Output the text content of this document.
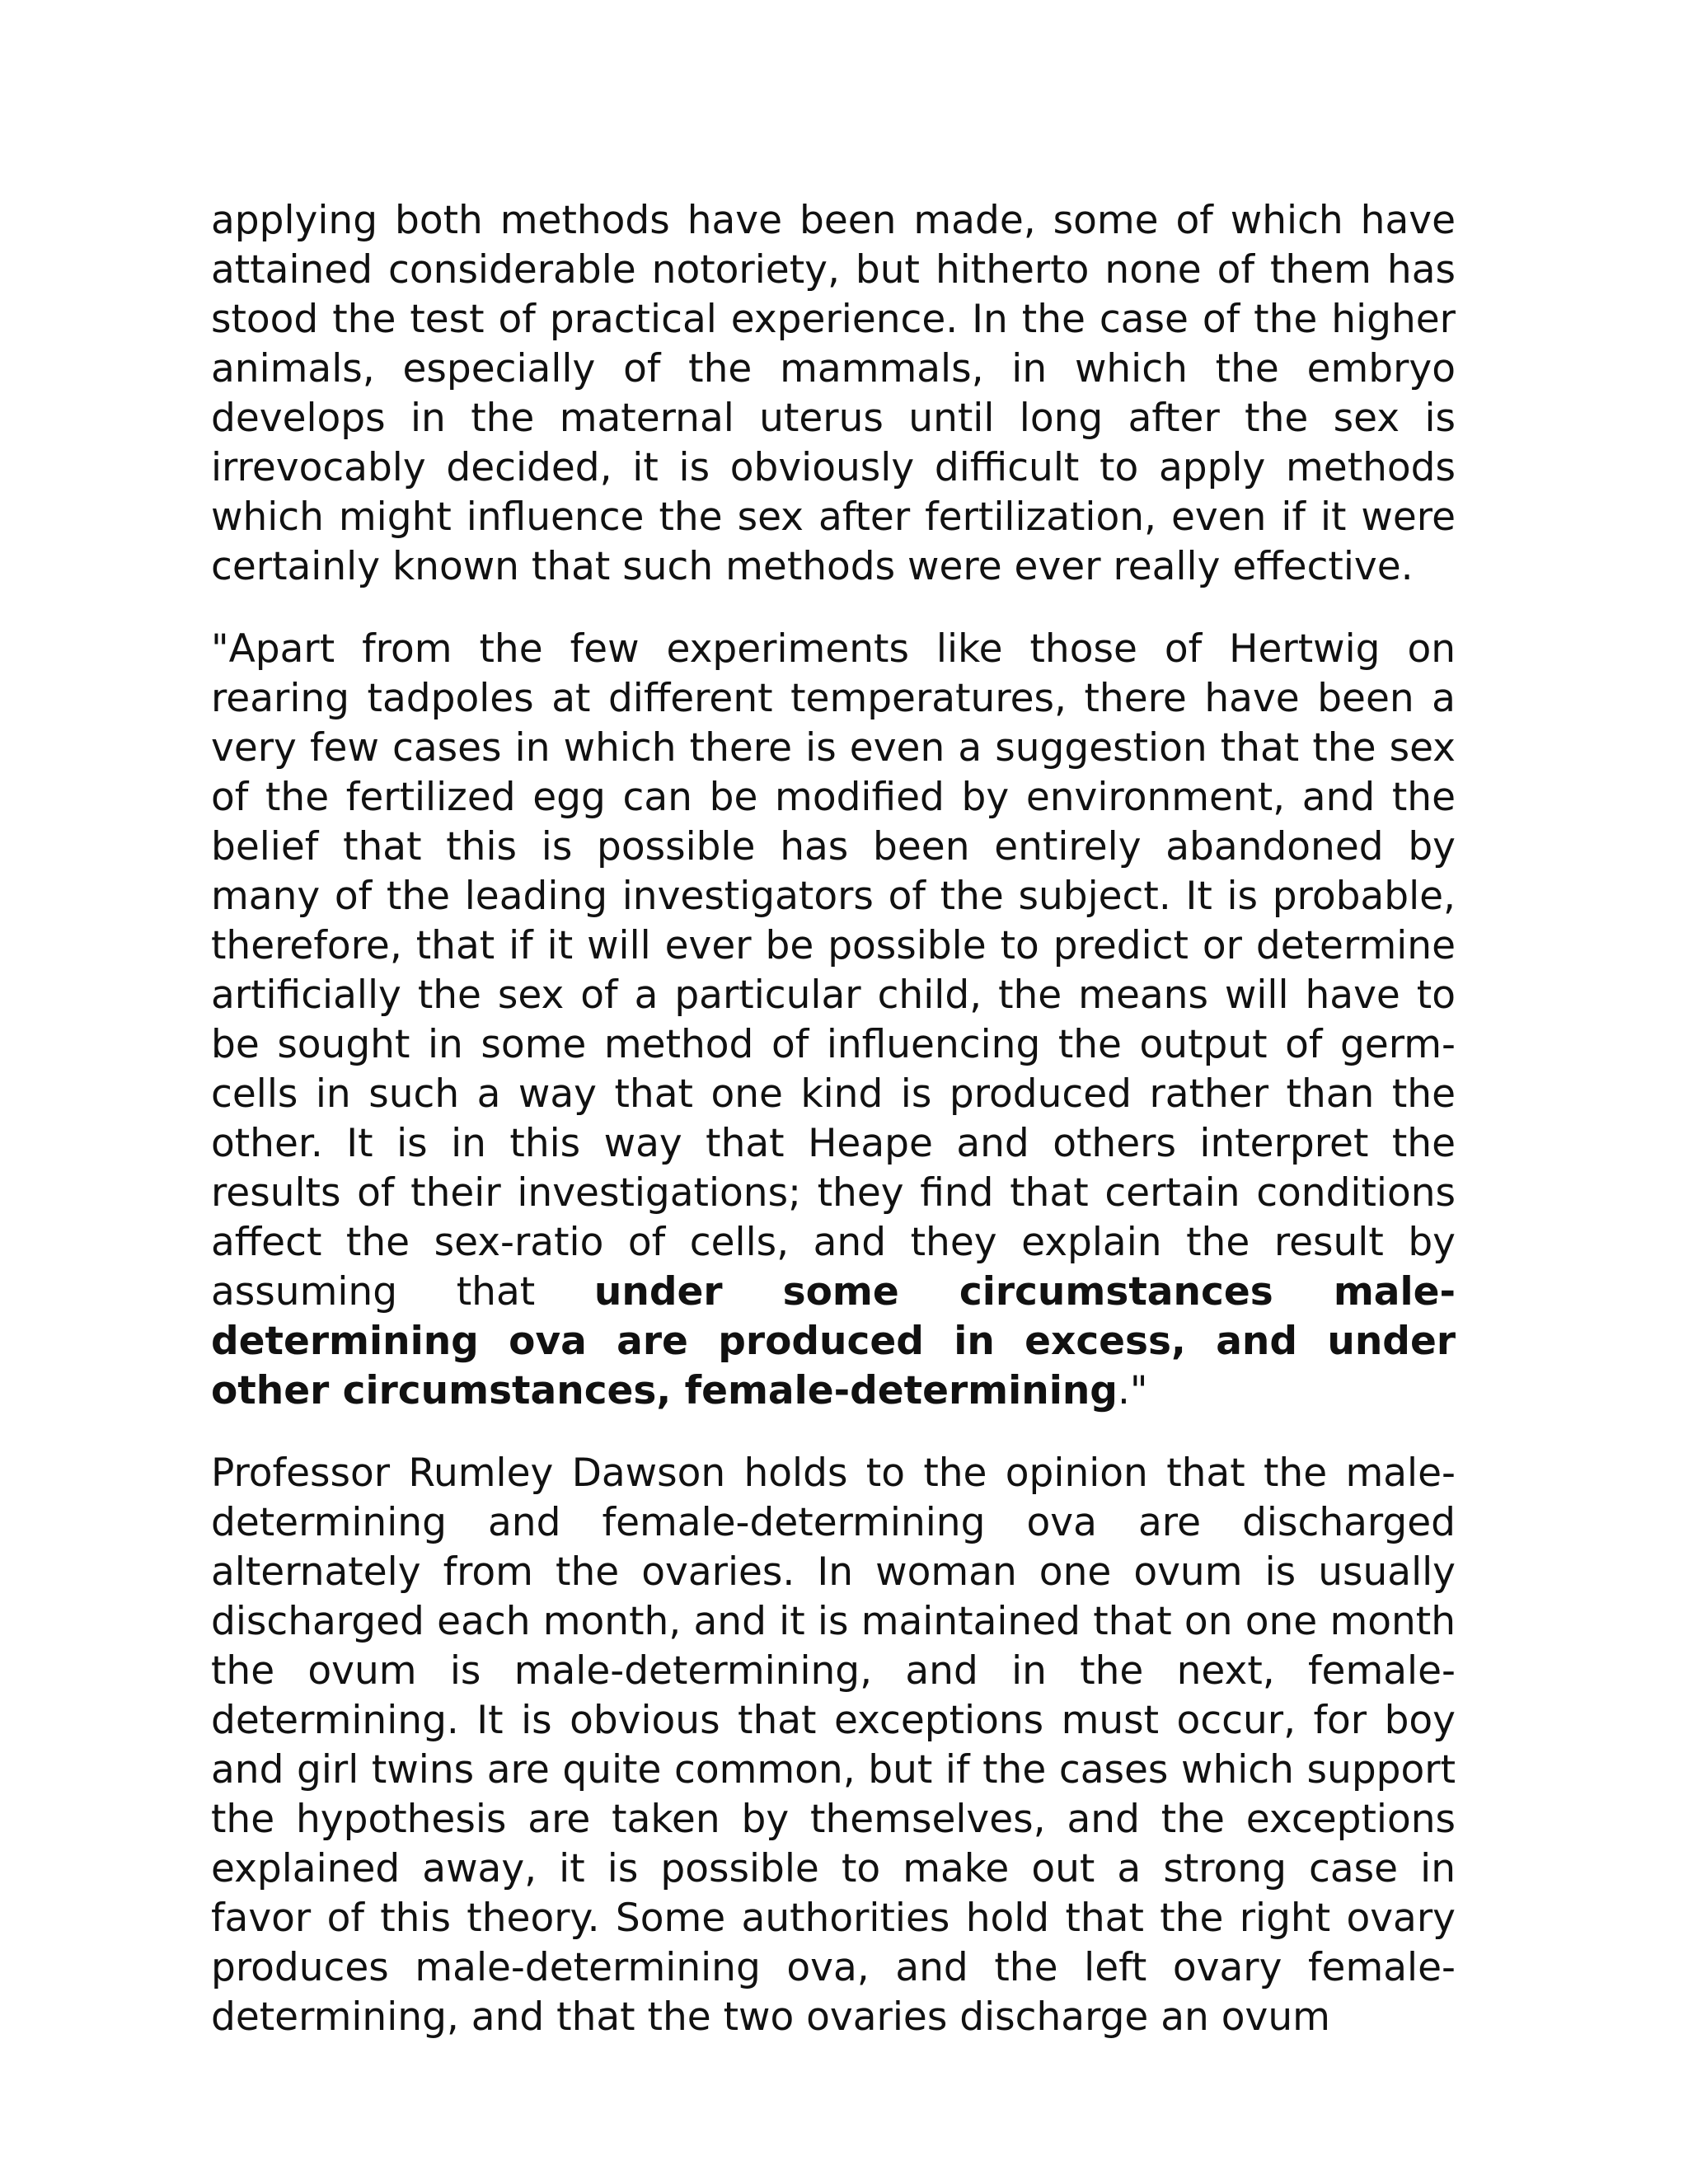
applying both methods have been made, some of which have attained considerable notoriety, but hitherto none of them has stood the test of practical experience. In the case of the higher animals, especially of the mammals, in which the embryo develops in the maternal uterus until long after the sex is irrevocably decided, it is obviously difficult to apply methods which might influence the sex after fertilization, even if it were certainly known that such methods were ever really effective.

"Apart from the few experiments like those of Hertwig on rearing tadpoles at different temperatures, there have been a very few cases in which there is even a suggestion that the sex of the fertilized egg can be modified by environment, and the belief that this is possible has been entirely abandoned by many of the leading investigators of the subject. It is probable, therefore, that if it will ever be possible to predict or determine artificially the sex of a particular child, the means will have to be sought in some method of influencing the output of germ-cells in such a way that one kind is produced rather than the other. It is in this way that Heape and others interpret the results of their investigations; they find that certain conditions affect the sex-ratio of cells, and they explain the result by assuming that under some circumstances male-determining ova are produced in excess, and under other circumstances, female-determining."

Professor Rumley Dawson holds to the opinion that the male-determining and female-determining ova are discharged alternately from the ovaries. In woman one ovum is usually discharged each month, and it is maintained that on one month the ovum is male-determining, and in the next, female-determining. It is obvious that exceptions must occur, for boy and girl twins are quite common, but if the cases which support the hypothesis are taken by themselves, and the exceptions explained away, it is possible to make out a strong case in favor of this theory. Some authorities hold that the right ovary produces male-determining ova, and the left ovary female-determining, and that the two ovaries discharge an ovum
